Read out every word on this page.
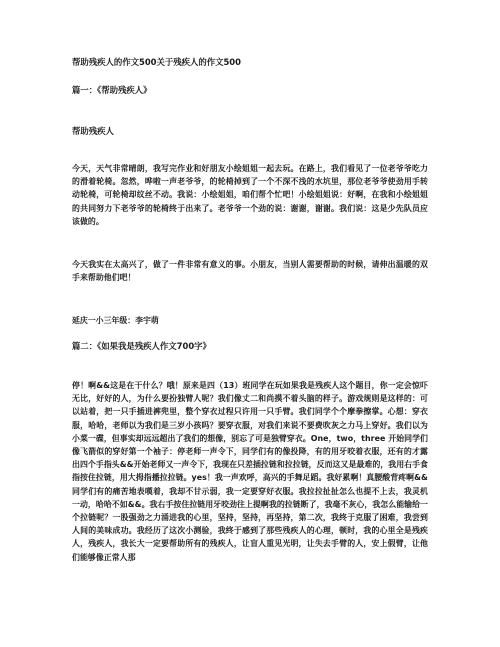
帮助残疾人的作文500关于残疾人的作文500
篇一：《帮助残疾人》
帮助残疾人
今天，天气非常晴朗，我写完作业和好朋友小绘姐姐一起去玩。在路上，我们看见了一位老爷爷吃力的滑着轮椅。忽然，哗啦一声老爷爷，的轮椅掉到了一个不深不浅的水坑里，那位老爷爷使劲用手转动轮椅，可轮椅却纹丝不动。我说：小绘姐姐，咱们帮个忙吧！小绘姐姐说：好啊，在我和小绘姐姐的共同努力下老爷爷的轮椅终于出来了。老爷爷一个劲的说：谢谢，谢谢。我们说：这是少先队员应该做的。
今天我实在太高兴了，做了一件非常有意义的事。小朋友，当别人需要帮助的时候，请伸出温暖的双手来帮助他们吧！
延庆一小三年级：李宇萌
篇二：《如果我是残疾人作文700字》
停！啊&&这是在干什么？哦！原来是四（13）班同学在玩如果我是残疾人这个题目，你一定会惊吓无比，好好的人，为什么要扮独臂人呢？我们像丈二和尚摸不着头脑的样子。游戏规则是这样的：可以站着，把一只手插进裤兜里，整个穿衣过程只许用一只手臂。我们同学个个摩拳擦掌。心想：穿衣服，哈哈，老师以为我们是三岁小孩吗？要穿衣服，对我们来说不要费吹灰之力马上穿好。我们以为小菜一碟，但事实却远远超出了我们的想像，别忘了可是独臂穿衣。One，two，three 开始同学们像飞箭似的穿好第一个袖子：停老师一声令下，同学们有的像投降，有的用牙咬着衣服，还有的才露出四个手指头&&开始老师又一声令下，我现在只差插拉链和拉拉链，反而这又是最难的，我用右手食指按住拉链，用大拇指播拉拉链。yes！我一声欢呼，高兴的手舞足蹈。我好累啊！真腰酸背疼啊&&同学们有的痛苦地表嘆着，我却不甘示弱，我一定要穿好衣服。我拉拉扯扯怎么也提不上去，我灵机一动，哈哈不如&&。我右手按住拉链用牙咬劲往上提啊我的拉链断了，我毫不灰心，我怎么能输给一个拉链呢？一股强劲之力涌进我的心里，坚持，坚持，再坚持，第二次，我终于克服了困难，我尝到人间的美味成功。我经历了这次小测验，我终于感到了那些残疾人的心理，顿时，我的心里全是残疾人，残疾人，我长大一定要帮助所有的残疾人，让盲人重见光明，让失去手臂的人，安上假臂，让他们能够像正常人那
